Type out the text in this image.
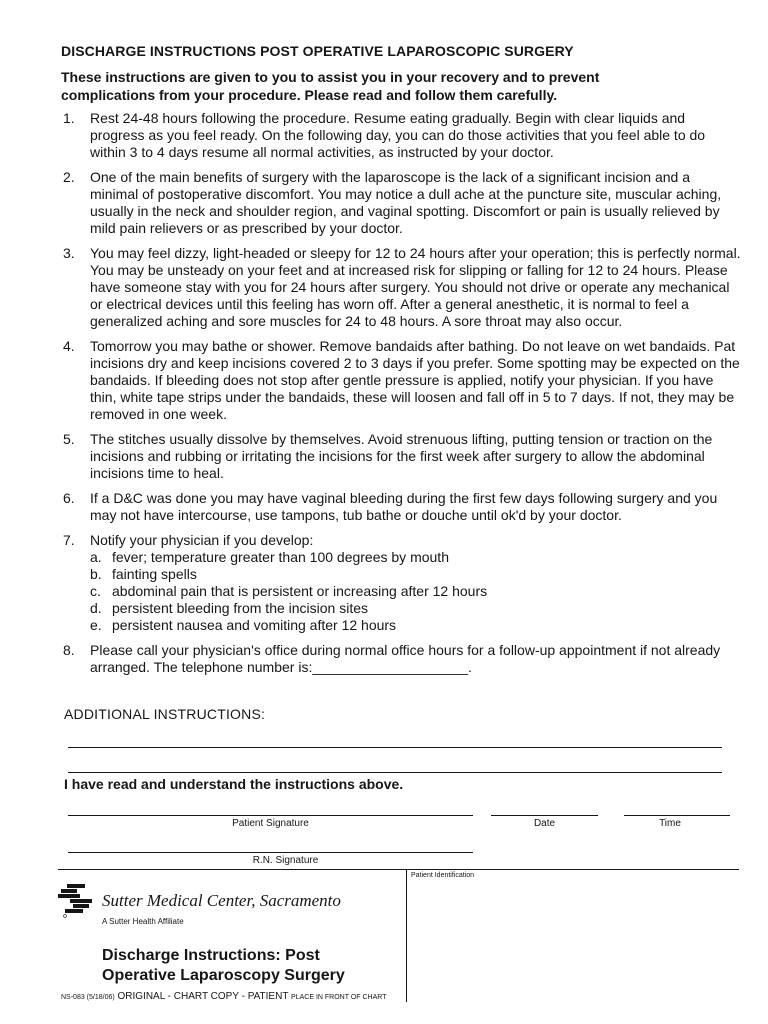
DISCHARGE INSTRUCTIONS POST OPERATIVE LAPAROSCOPIC SURGERY
These instructions are given to you to assist you in your recovery and to prevent
complications from your procedure. Please read and follow them carefully.
1. Rest 24-48 hours following the procedure. Resume eating gradually. Begin with clear liquids and progress as you feel ready. On the following day, you can do those activities that you feel able to do within 3 to 4 days resume all normal activities, as instructed by your doctor.
2. One of the main benefits of surgery with the laparoscope is the lack of a significant incision and a minimal of postoperative discomfort. You may notice a dull ache at the puncture site, muscular aching, usually in the neck and shoulder region, and vaginal spotting. Discomfort or pain is usually relieved by mild pain relievers or as prescribed by your doctor.
3. You may feel dizzy, light-headed or sleepy for 12 to 24 hours after your operation; this is perfectly normal. You may be unsteady on your feet and at increased risk for slipping or falling for 12 to 24 hours. Please have someone stay with you for 24 hours after surgery. You should not drive or operate any mechanical or electrical devices until this feeling has worn off. After a general anesthetic, it is normal to feel a generalized aching and sore muscles for 24 to 48 hours. A sore throat may also occur.
4. Tomorrow you may bathe or shower. Remove bandaids after bathing. Do not leave on wet bandaids. Pat incisions dry and keep incisions covered 2 to 3 days if you prefer. Some spotting may be expected on the bandaids. If bleeding does not stop after gentle pressure is applied, notify your physician. If you have thin, white tape strips under the bandaids, these will loosen and fall off in 5 to 7 days. If not, they may be removed in one week.
5. The stitches usually dissolve by themselves. Avoid strenuous lifting, putting tension or traction on the incisions and rubbing or irritating the incisions for the first week after surgery to allow the abdominal incisions time to heal.
6. If a D&C was done you may have vaginal bleeding during the first few days following surgery and you may not have intercourse, use tampons, tub bathe or douche until ok'd by your doctor.
7. Notify your physician if you develop:
a. fever; temperature greater than 100 degrees by mouth
b. fainting spells
c. abdominal pain that is persistent or increasing after 12 hours
d. persistent bleeding from the incision sites
e. persistent nausea and vomiting after 12 hours
8. Please call your physician's office during normal office hours for a follow-up appointment if not already arranged. The telephone number is:____________________.
ADDITIONAL INSTRUCTIONS:
I have read and understand the instructions above.
Patient Signature	Date	Time
R.N. Signature
Patient Identification
Sutter Medical Center, Sacramento
A Sutter Health Affiliate
Discharge Instructions: Post
Operative Laparoscopy Surgery
NS-083 (5/18/06) ORIGINAL - CHART COPY - PATIENT PLACE IN FRONT OF CHART
